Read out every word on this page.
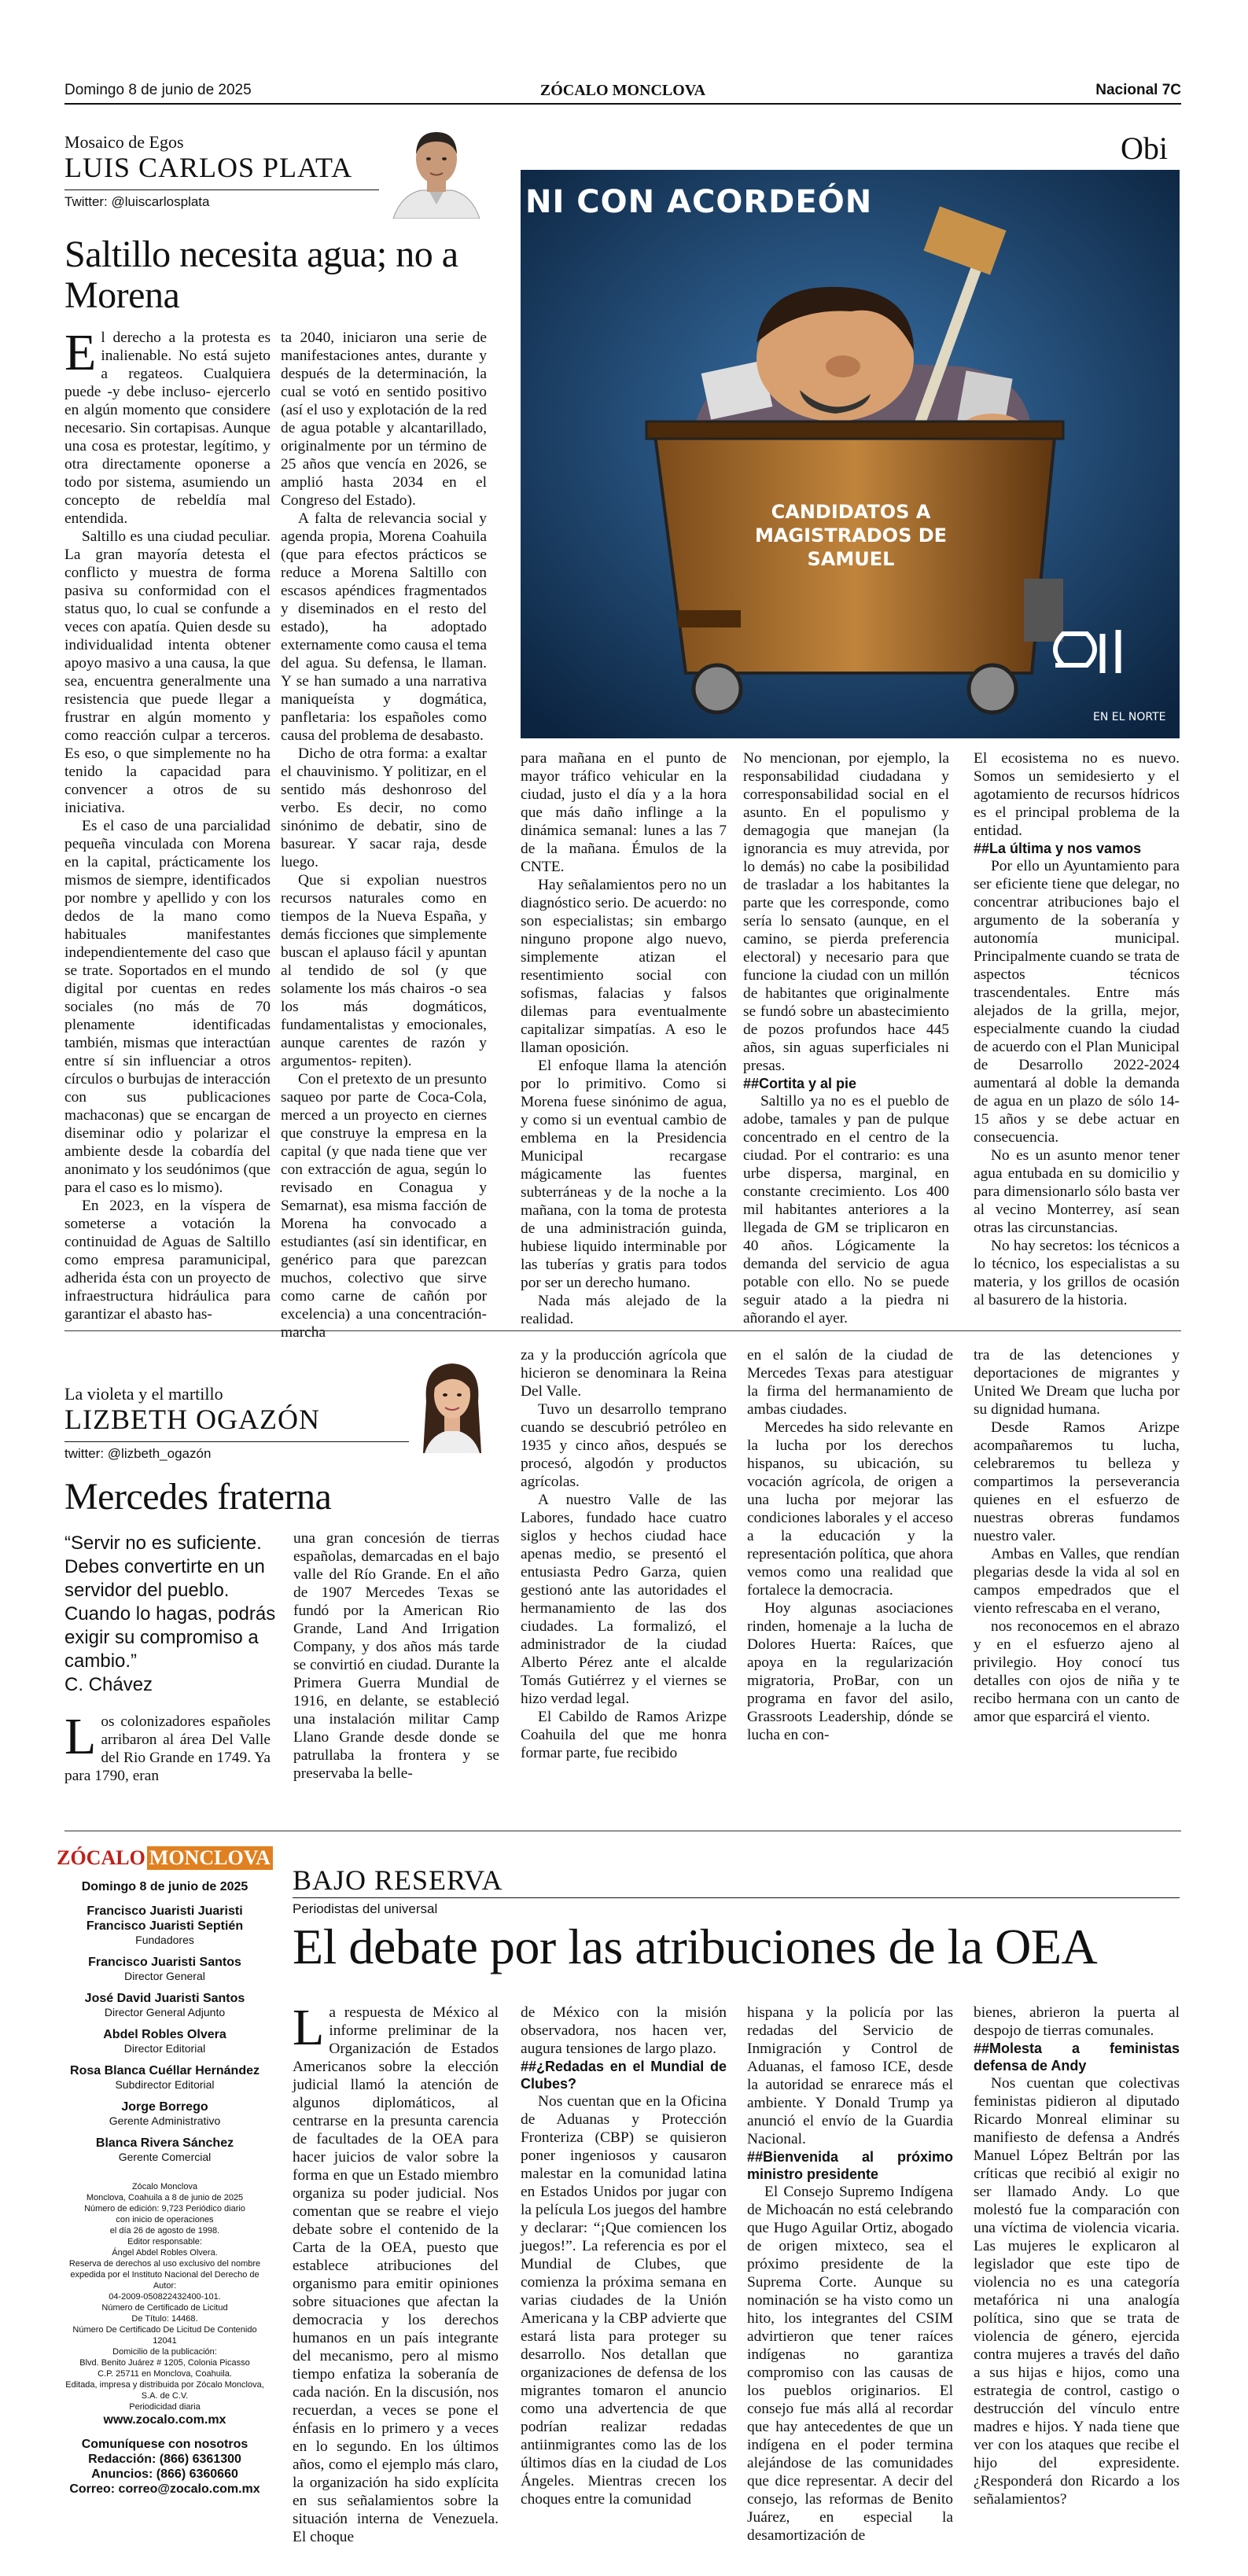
Domingo 8 de junio de 2025	ZÓCALO MONCLOVA	Nacional 7C
Mosaico de Egos
LUIS CARLOS PLATA
Twitter: @luiscarlosplata
Saltillo necesita agua; no a Morena
Obi
NI CON ACORDEÓN
CANDIDATOS A MAGISTRADOS DE SAMUEL
EN EL NORTE

El derecho a la protesta es inalienable. No está sujeto a regateos. Cualquiera puede -y debe incluso- ejercerlo en algún momento que considere necesario. Sin cortapisas. Aunque una cosa es protestar, legítimo, y otra directamente oponerse a todo por sistema, asumiendo un concepto de rebeldía mal entendida.

Saltillo es una ciudad peculiar. La gran mayoría detesta el conflicto y muestra de forma pasiva su conformidad con el status quo, lo cual se confunde a veces con apatía. Quien desde su individualidad intenta obtener apoyo masivo a una causa, la que sea, encuentra generalmente una resistencia que puede llegar a frustrar en algún momento y como reacción culpar a terceros. Es eso, o que simplemente no ha tenido la capacidad para convencer a otros de su iniciativa.

Es el caso de una parcialidad pequeña vinculada con Morena en la capital, prácticamente los mismos de siempre, identificados por nombre y apellido y con los dedos de la mano como habituales manifestantes independientemente del caso que se trate. Soportados en el mundo digital por cuentas en redes sociales (no más de 70 plenamente identificadas también, mismas que interactúan entre sí sin influenciar a otros círculos o burbujas de interacción con sus publicaciones machaconas) que se encargan de diseminar odio y polarizar el ambiente desde la cobardía del anonimato y los seudónimos (que para el caso es lo mismo).

En 2023, en la víspera de someterse a votación la continuidad de Aguas de Saltillo como empresa paramunicipal, adherida ésta con un proyecto de infraestructura hidráulica para garantizar el abasto has-

ta 2040, iniciaron una serie de manifestaciones antes, durante y después de la determinación, la cual se votó en sentido positivo (así el uso y explotación de la red de agua potable y alcantarillado, originalmente por un término de 25 años que vencía en 2026, se amplió hasta 2034 en el Congreso del Estado).

A falta de relevancia social y agenda propia, Morena Coahuila (que para efectos prácticos se reduce a Morena Saltillo con escasos apéndices fragmentados y diseminados en el resto del estado), ha adoptado externamente como causa el tema del agua. Su defensa, le llaman. Y se han sumado a una narrativa maniqueísta y dogmática, panfletaria: los españoles como causa del problema de desabasto.

Dicho de otra forma: a exaltar el chauvinismo. Y politizar, en el sentido más deshonroso del verbo. Es decir, no como sinónimo de debatir, sino de basurear. Y sacar raja, desde luego.

Que si expolian nuestros recursos naturales como en tiempos de la Nueva España, y demás ficciones que simplemente buscan el aplauso fácil y apuntan al tendido de sol (y que solamente los más chairos -o sea los más dogmáticos, fundamentalistas y emocionales, aunque carentes de razón y argumentos- repiten).

Con el pretexto de un presunto saqueo por parte de Coca-Cola, merced a un proyecto en ciernes que construye la empresa en la capital (y que nada tiene que ver con extracción de agua, según lo revisado en Conagua y Semarnat), esa misma facción de Morena ha convocado a estudiantes (así sin identificar, en genérico para que parezcan muchos, colectivo que sirve como carne de cañón por excelencia) a una concentración-marcha

para mañana en el punto de mayor tráfico vehicular en la ciudad, justo el día y a la hora que más daño inflinge a la dinámica semanal: lunes a las 7 de la mañana. Émulos de la CNTE.

Hay señalamientos pero no un diagnóstico serio. De acuerdo: no son especialistas; sin embargo ninguno propone algo nuevo, simplemente atizan el resentimiento social con sofismas, falacias y falsos dilemas para eventualmente capitalizar simpatías. A eso le llaman oposición.

El enfoque llama la atención por lo primitivo. Como si Morena fuese sinónimo de agua, y como si un eventual cambio de emblema en la Presidencia Municipal recargase mágicamente las fuentes subterráneas y de la noche a la mañana, con la toma de protesta de una administración guinda, hubiese liquido interminable por las tuberías y gratis para todos por ser un derecho humano.

Nada más alejado de la realidad.

No mencionan, por ejemplo, la responsabilidad ciudadana y corresponsabilidad social en el asunto. En el populismo y demagogia que manejan (la ignorancia es muy atrevida, por lo demás) no cabe la posibilidad de trasladar a los habitantes la parte que les corresponde, como sería lo sensato (aunque, en el camino, se pierda preferencia electoral) y necesario para que funcione la ciudad con un millón de habitantes que originalmente se fundó sobre un abastecimiento de pozos profundos hace 445 años, sin aguas superficiales ni presas.

##Cortita y al pie

Saltillo ya no es el pueblo de adobe, tamales y pan de pulque concentrado en el centro de la ciudad. Por el contrario: es una urbe dispersa, marginal, en constante crecimiento. Los 400 mil habitantes anteriores a la llegada de GM se triplicaron en 40 años. Lógicamente la demanda del servicio de agua potable con ello. No se puede seguir atado a la piedra ni añorando el ayer.

El ecosistema no es nuevo. Somos un semidesierto y el agotamiento de recursos hídricos es el principal problema de la entidad.

##La última y nos vamos

Por ello un Ayuntamiento para ser eficiente tiene que delegar, no concentrar atribuciones bajo el argumento de la soberanía y autonomía municipal. Principalmente cuando se trata de aspectos técnicos trascendentales. Entre más alejados de la grilla, mejor, especialmente cuando la ciudad de acuerdo con el Plan Municipal de Desarrollo 2022-2024 aumentará al doble la demanda de agua en un plazo de sólo 14-15 años y se debe actuar en consecuencia.

No es un asunto menor tener agua entubada en su domicilio y para dimensionarlo sólo basta ver al vecino Monterrey, así sean otras las circunstancias.

No hay secretos: los técnicos a lo técnico, los especialistas a su materia, y los grillos de ocasión al basurero de la historia.

La violeta y el martillo
LIZBETH OGAZÓN
twitter: @lizbeth_ogazón
Mercedes fraterna
“Servir no es suficiente. Debes convertirte en un servidor del pueblo. Cuando lo hagas, podrás exigir su compromiso a cambio.”
C. Chávez

Los colonizadores españoles arribaron al área Del Valle del Rio Grande en 1749. Ya para 1790, eran

una gran concesión de tierras españolas, demarcadas en el bajo valle del Río Grande. En el año de 1907 Mercedes Texas se fundó por la American Rio Grande, Land And Irrigation Company, y dos años más tarde se convirtió en ciudad. Durante la Primera Guerra Mundial de 1916, en delante, se estableció una instalación militar Camp Llano Grande desde donde se patrullaba la frontera y se preservaba la belle-

za y la producción agrícola que hicieron se denominara la Reina Del Valle.

Tuvo un desarrollo temprano cuando se descubrió petróleo en 1935 y cinco años, después se procesó, algodón y productos agrícolas.

A nuestro Valle de las Labores, fundado hace cuatro siglos y hechos ciudad hace apenas medio, se presentó el entusiasta Pedro Garza, quien gestionó ante las autoridades el hermanamiento de las dos ciudades. La formalizó, el administrador de la ciudad Alberto Pérez ante el alcalde Tomás Gutiérrez y el viernes se hizo verdad legal.

El Cabildo de Ramos Arizpe Coahuila del que me honra formar parte, fue recibido

en el salón de la ciudad de Mercedes Texas para atestiguar la firma del hermanamiento de ambas ciudades.

Mercedes ha sido relevante en la lucha por los derechos hispanos, su ubicación, su vocación agrícola, de origen a una lucha por mejorar las condiciones laborales y el acceso a la educación y la representación política, que ahora vemos como una realidad que fortalece la democracia.

Hoy algunas asociaciones rinden, homenaje a la lucha de Dolores Huerta: Raíces, que apoya en la regularización migratoria, ProBar, con un programa en favor del asilo, Grassroots Leadership, dónde se lucha en con-

tra de las detenciones y deportaciones de migrantes y United We Dream que lucha por su dignidad humana.

Desde Ramos Arizpe acompañaremos tu lucha, celebraremos tu belleza y compartimos la perseverancia quienes en el esfuerzo de nuestras obreras fundamos nuestro valer.

Ambas en Valles, que rendían plegarias desde la vida al sol en campos empedrados que el viento refrescaba en el verano,

nos reconocemos en el abrazo y en el esfuerzo ajeno al privilegio. Hoy conocí tus detalles con ojos de niña y te recibo hermana con un canto de amor que esparcirá el viento.

ZÓCALO MONCLOVA
Domingo 8 de junio de 2025
Francisco Juaristi Juaristi
Francisco Juaristi Septién
Fundadores
Francisco Juaristi Santos
Director General
José David Juaristi Santos
Director General Adjunto
Abdel Robles Olvera
Director Editorial
Rosa Blanca Cuéllar Hernández
Subdirector Editorial
Jorge Borrego
Gerente Administrativo
Blanca Rivera Sánchez
Gerente Comercial
Zócalo Monclova
Monclova, Coahuila a 8 de junio de 2025
Número de edición: 9,723 Periódico diario
con inicio de operaciones
el día 26 de agosto de 1998.
Editor responsable:
Ángel Abdel Robles Olvera.
Reserva de derechos al uso exclusivo del nombre
expedida por el Instituto Nacional del Derecho de
Autor:
04-2009-050822432400-101.
Número de Certificado de Licitud
De Título: 14468.
Número De Certificado De Licitud De Contenido
12041
Domicilio de la publicación:
Blvd. Benito Juárez # 1205, Colonia Picasso
C.P. 25711 en Monclova, Coahuila.
Editada, impresa y distribuida por Zócalo Monclova,
S.A. de C.V.
Periodicidad diaria
www.zocalo.com.mx
Comuníquese con nosotros
Redacción: (866) 6361300
Anuncios: (866) 6360660
Correo: correo@zocalo.com.mx
BAJO RESERVA
Periodistas del universal
El debate por las atribuciones de la OEA

La respuesta de México al informe preliminar de la Organización de Estados Americanos sobre la elección judicial llamó la atención de algunos diplomáticos, al centrarse en la presunta carencia de facultades de la OEA para hacer juicios de valor sobre la forma en que un Estado miembro organiza su poder judicial. Nos comentan que se reabre el viejo debate sobre el contenido de la Carta de la OEA, puesto que establece atribuciones del organismo para emitir opiniones sobre situaciones que afectan la democracia y los derechos humanos en un país integrante del mecanismo, pero al mismo tiempo enfatiza la soberanía de cada nación. En la discusión, nos recuerdan, a veces se pone el énfasis en lo primero y a veces en lo segundo. En los últimos años, como el ejemplo más claro, la organización ha sido explícita en sus señalamientos sobre la situación interna de Venezuela. El choque

de México con la misión observadora, nos hacen ver, augura tensiones de largo plazo.

##¿Redadas en el Mundial de Clubes?

Nos cuentan que en la Oficina de Aduanas y Protección Fronteriza (CBP) se quisieron poner ingeniosos y causaron malestar en la comunidad latina en Estados Unidos por jugar con la película Los juegos del hambre y declarar: “¡Que comiencen los juegos!”. La referencia es por el Mundial de Clubes, que comienza la próxima semana en varias ciudades de la Unión Americana y la CBP advierte que estará lista para proteger su desarrollo. Nos detallan que organizaciones de defensa de los migrantes tomaron el anuncio como una advertencia de que podrían realizar redadas antiinmigrantes como las de los últimos días en la ciudad de Los Ángeles. Mientras crecen los choques entre la comunidad

hispana y la policía por las redadas del Servicio de Inmigración y Control de Aduanas, el famoso ICE, desde la autoridad se enrarece más el ambiente. Y Donald Trump ya anunció el envío de la Guardia Nacional.

##Bienvenida al próximo ministro presidente

El Consejo Supremo Indígena de Michoacán no está celebrando que Hugo Aguilar Ortiz, abogado de origen mixteco, sea el próximo presidente de la Suprema Corte. Aunque su nominación se ha visto como un hito, los integrantes del CSIM advirtieron que tener raíces indígenas no garantiza compromiso con las causas de los pueblos originarios. El consejo fue más allá al recordar que hay antecedentes de que un indígena en el poder termina alejándose de las comunidades que dice representar. A decir del consejo, las reformas de Benito Juárez, en especial la desamortización de

bienes, abrieron la puerta al despojo de tierras comunales.

##Molesta a feministas defensa de Andy

Nos cuentan que colectivas feministas pidieron al diputado Ricardo Monreal eliminar su manifiesto de defensa a Andrés Manuel López Beltrán por las críticas que recibió al exigir no ser llamado Andy. Lo que molestó fue la comparación con una víctima de violencia vicaria. Las mujeres le explicaron al legislador que este tipo de violencia no es una categoría metafórica ni una analogía política, sino que se trata de violencia de género, ejercida contra mujeres a través del daño a sus hijas e hijos, como una estrategia de control, castigo o destrucción del vínculo entre madres e hijos. Y nada tiene que ver con los ataques que recibe el hijo del expresidente. ¿Responderá don Ricardo a los señalamientos?
